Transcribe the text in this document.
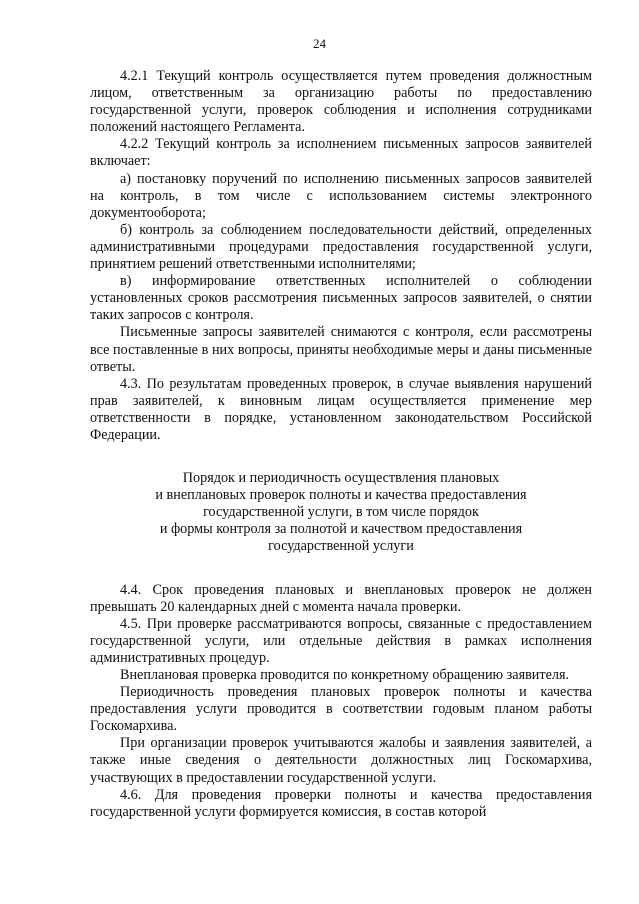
24

4.2.1 Текущий контроль осуществляется путем проведения должностным лицом, ответственным за организацию работы по предоставлению государственной услуги, проверок соблюдения и исполнения сотрудниками положений настоящего Регламента.

4.2.2 Текущий контроль за исполнением письменных запросов заявителей включает:

а) постановку поручений по исполнению письменных запросов заявителей на контроль, в том числе с использованием системы электронного документооборота;

б) контроль за соблюдением последовательности действий, определенных административными процедурами предоставления государственной услуги, принятием решений ответственными исполнителями;

в) информирование ответственных исполнителей о соблюдении установленных сроков рассмотрения письменных запросов заявителей, о снятии таких запросов с контроля.

Письменные запросы заявителей снимаются с контроля, если рассмотрены все поставленные в них вопросы, приняты необходимые меры и даны письменные ответы.

4.3. По результатам проведенных проверок, в случае выявления нарушений прав заявителей, к виновным лицам осуществляется применение мер ответственности в порядке, установленном законодательством Российской Федерации.

Порядок и периодичность осуществления плановых
и внеплановых проверок полноты и качества предоставления
государственной услуги, в том числе порядок
и формы контроля за полнотой и качеством предоставления
государственной услуги

4.4. Срок проведения плановых и внеплановых проверок не должен превышать 20 календарных дней с момента начала проверки.

4.5. При проверке рассматриваются вопросы, связанные с предоставлением государственной услуги, или отдельные действия в рамках исполнения административных процедур.

Внеплановая проверка проводится по конкретному обращению заявителя.

Периодичность проведения плановых проверок полноты и качества предоставления услуги проводится в соответствии годовым планом работы Госкомархива.

При организации проверок учитываются жалобы и заявления заявителей, а также иные сведения о деятельности должностных лиц Госкомархива, участвующих в предоставлении государственной услуги.

4.6. Для проведения проверки полноты и качества предоставления государственной услуги формируется комиссия, в состав которой
